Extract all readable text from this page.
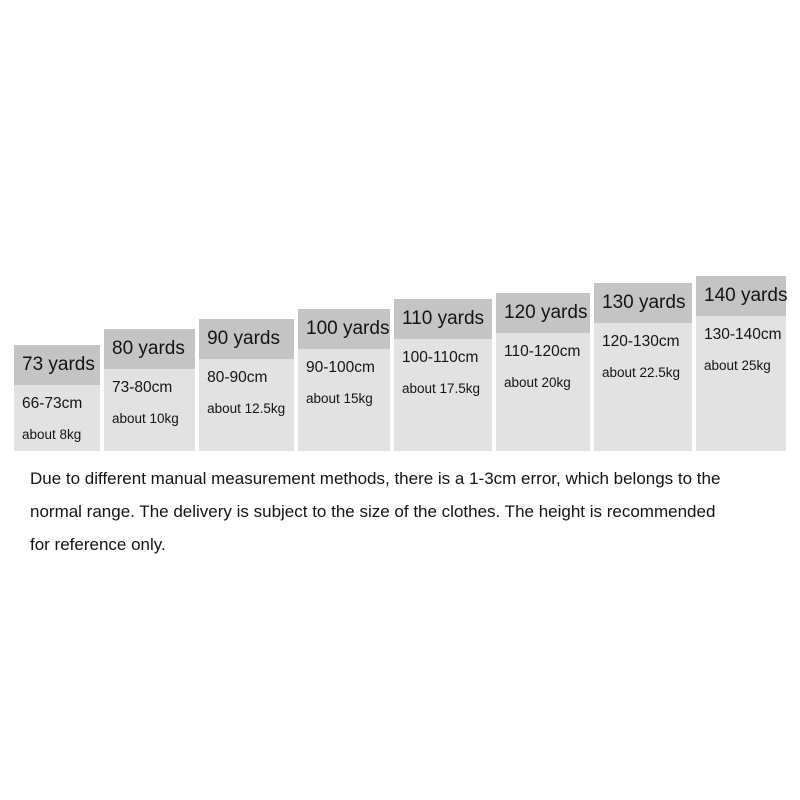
73 yards
66-73cm
about 8kg
80 yards
73-80cm
about 10kg
90 yards
80-90cm
about 12.5kg
100 yards
90-100cm
about 15kg
110 yards
100-110cm
about 17.5kg
120 yards
110-120cm
about 20kg
130 yards
120-130cm
about 22.5kg
140 yards
130-140cm
about 25kg
Due to different manual measurement methods, there is a 1-3cm error, which belongs to the normal range. The delivery is subject to the size of the clothes. The height is recommended for reference only.
